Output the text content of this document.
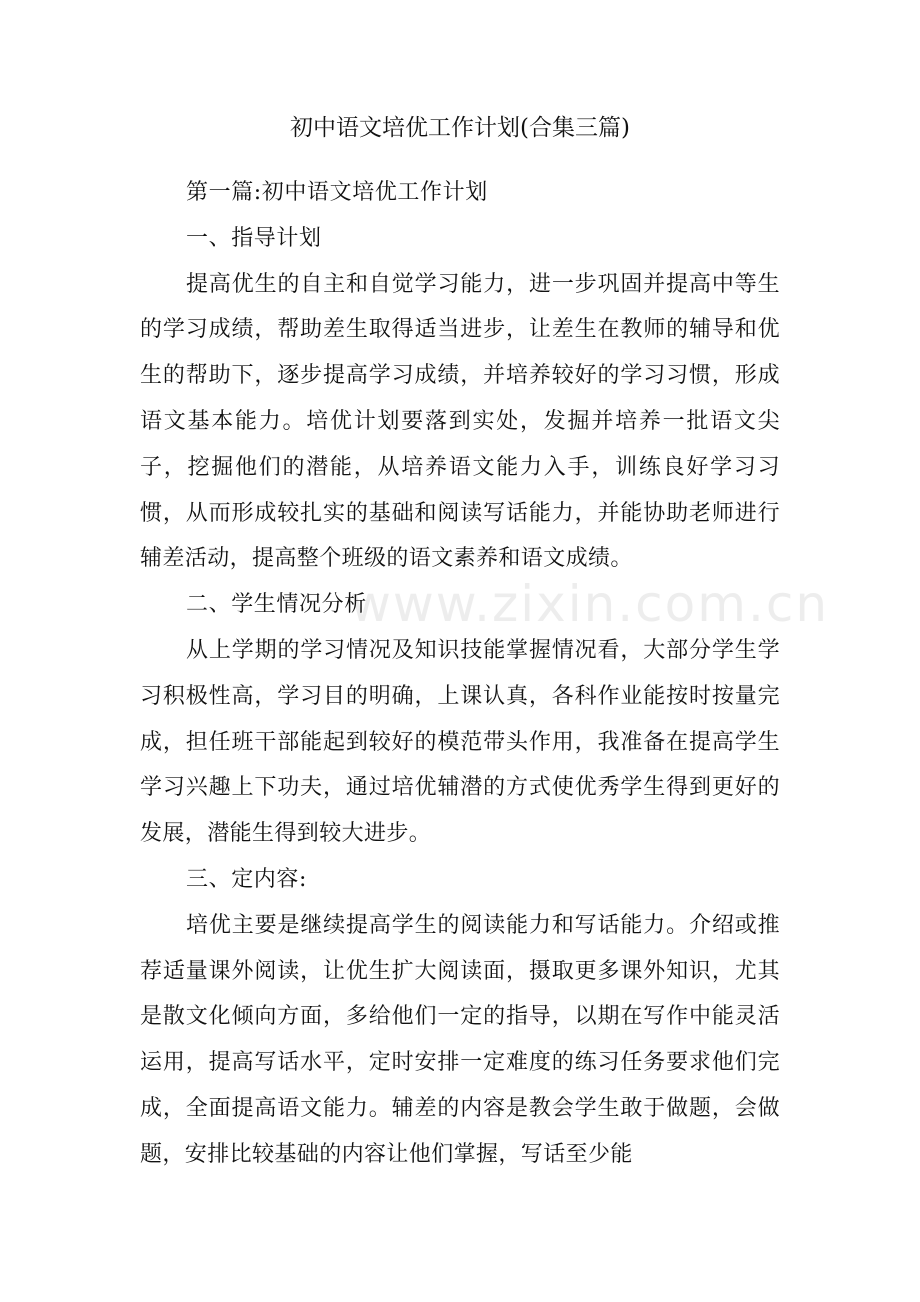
www.zixin.com.cn
初中语文培优工作计划(合集三篇)

第一篇:初中语文培优工作计划

一、指导计划

提高优生的自主和自觉学习能力，进一步巩固并提高中等生的学习成绩，帮助差生取得适当进步，让差生在教师的辅导和优生的帮助下，逐步提高学习成绩，并培养较好的学习习惯，形成语文基本能力。培优计划要落到实处，发掘并培养一批语文尖子，挖掘他们的潜能，从培养语文能力入手，训练良好学习习惯，从而形成较扎实的基础和阅读写话能力，并能协助老师进行辅差活动，提高整个班级的语文素养和语文成绩。

二、学生情况分析

从上学期的学习情况及知识技能掌握情况看，大部分学生学习积极性高，学习目的明确，上课认真，各科作业能按时按量完成，担任班干部能起到较好的模范带头作用，我准备在提高学生学习兴趣上下功夫，通过培优辅潜的方式使优秀学生得到更好的发展，潜能生得到较大进步。

三、定内容:

培优主要是继续提高学生的阅读能力和写话能力。介绍或推荐适量课外阅读，让优生扩大阅读面，摄取更多课外知识，尤其是散文化倾向方面，多给他们一定的指导，以期在写作中能灵活运用，提高写话水平，定时安排一定难度的练习任务要求他们完成，全面提高语文能力。辅差的内容是教会学生敢于做题，会做题，安排比较基础的内容让他们掌握，写话至少能
